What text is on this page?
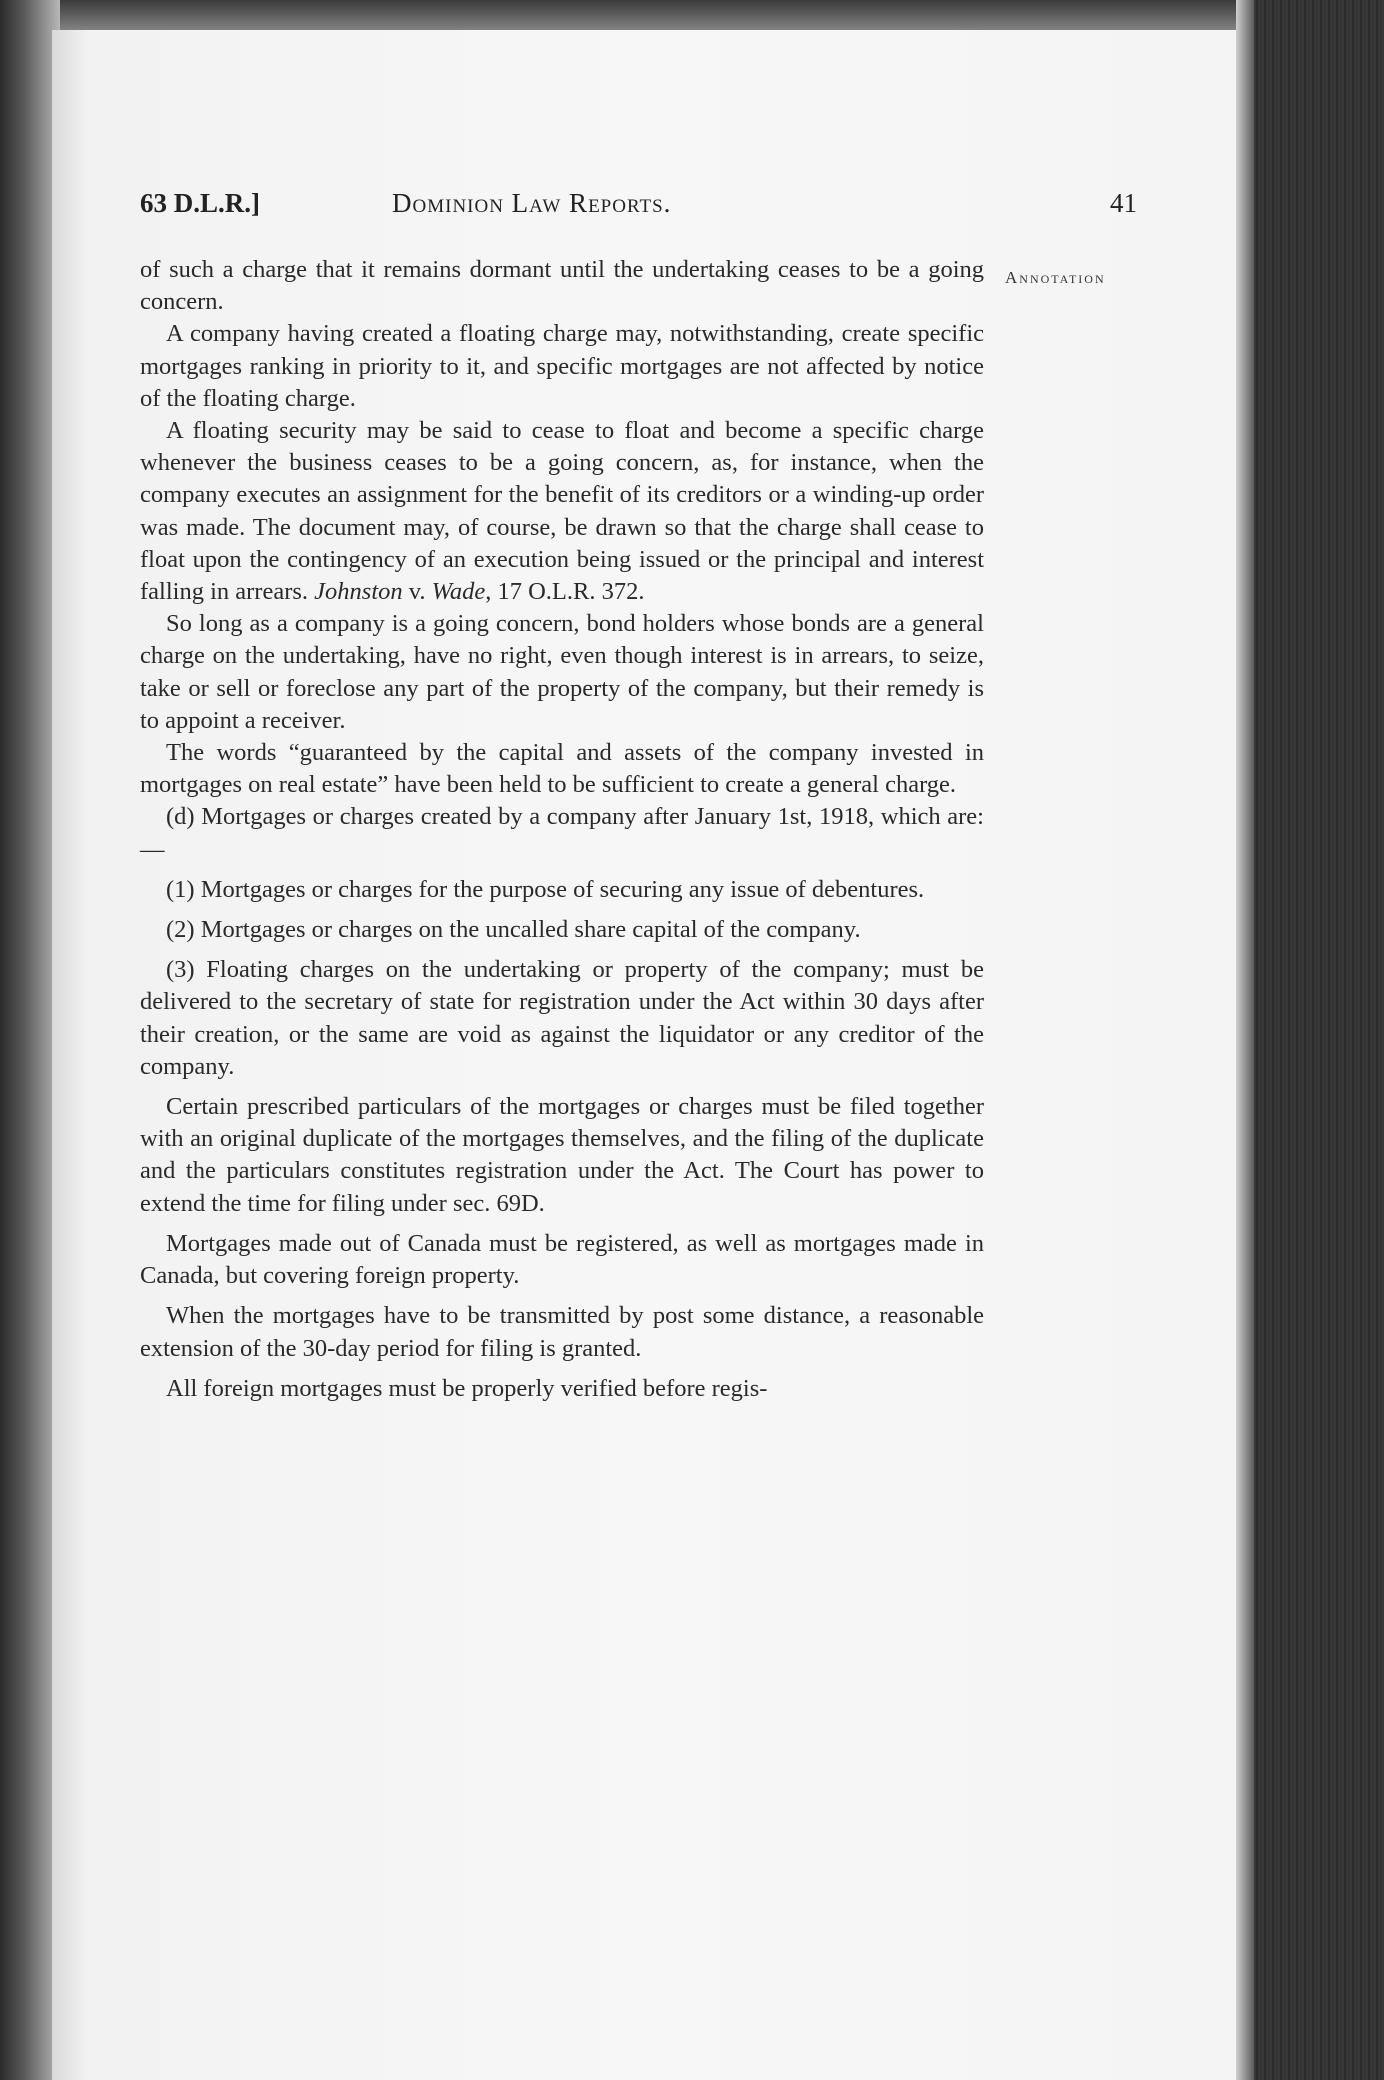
63 D.L.R.]	Dominion Law Reports.	41
Annotation

of such a charge that it remains dormant until the undertaking ceases to be a going concern.

A company having created a floating charge may, notwithstanding, create specific mortgages ranking in priority to it, and specific mortgages are not affected by notice of the floating charge.

A floating security may be said to cease to float and become a specific charge whenever the business ceases to be a going concern, as, for instance, when the company executes an assignment for the benefit of its creditors or a winding-up order was made. The document may, of course, be drawn so that the charge shall cease to float upon the contingency of an execution being issued or the principal and interest falling in arrears. Johnston v. Wade, 17 O.L.R. 372.

So long as a company is a going concern, bond holders whose bonds are a general charge on the undertaking, have no right, even though interest is in arrears, to seize, take or sell or foreclose any part of the property of the company, but their remedy is to appoint a receiver.

The words “guaranteed by the capital and assets of the company invested in mortgages on real estate” have been held to be sufficient to create a general charge.

(d) Mortgages or charges created by a company after January 1st, 1918, which are:—

(1) Mortgages or charges for the purpose of securing any issue of debentures.

(2) Mortgages or charges on the uncalled share capital of the company.

(3) Floating charges on the undertaking or property of the company; must be delivered to the secretary of state for registration under the Act within 30 days after their creation, or the same are void as against the liquidator or any creditor of the company.

Certain prescribed particulars of the mortgages or charges must be filed together with an original duplicate of the mortgages themselves, and the filing of the duplicate and the particulars constitutes registration under the Act. The Court has power to extend the time for filing under sec. 69D.

Mortgages made out of Canada must be registered, as well as mortgages made in Canada, but covering foreign property.

When the mortgages have to be transmitted by post some distance, a reasonable extension of the 30-day period for filing is granted.

All foreign mortgages must be properly verified before regis-
